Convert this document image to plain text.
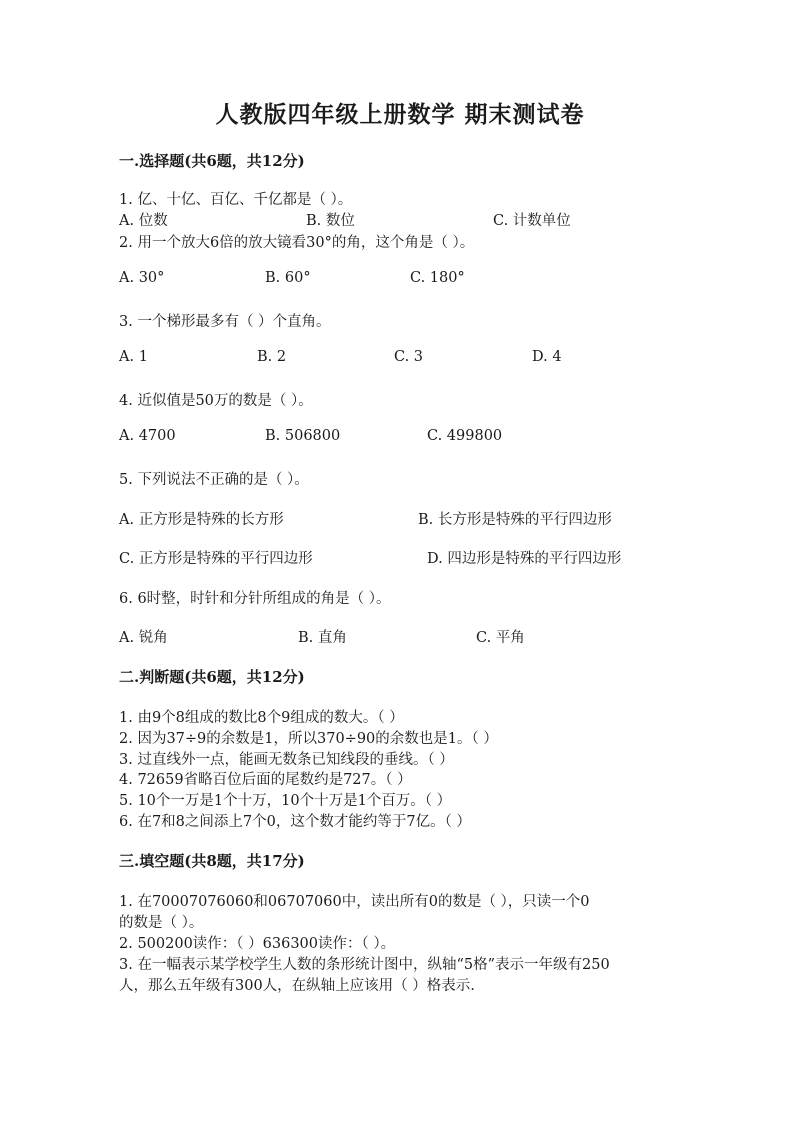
人教版四年级上册数学 期末测试卷
一.选择题(共6题，共12分)
1. 亿、十亿、百亿、千亿都是（ ）。
A. 位数	B. 数位	C. 计数单位
2. 用一个放大6倍的放大镜看30°的角，这个角是（ ）。
A. 30°	B. 60°	C. 180°
3. 一个梯形最多有（ ）个直角。
A. 1	B. 2	C. 3	D. 4
4. 近似值是50万的数是（ ）。
A. 4700	B. 506800	C. 499800
5. 下列说法不正确的是（ ）。
A. 正方形是特殊的长方形	B. 长方形是特殊的平行四边形
C. 正方形是特殊的平行四边形	D. 四边形是特殊的平行四边形
6. 6时整，时针和分针所组成的角是（ ）。
A. 锐角	B. 直角	C. 平角
二.判断题(共6题，共12分)
1. 由9个8组成的数比8个9组成的数大。（ ）
2. 因为37÷9的余数是1，所以370÷90的余数也是1。（ ）
3. 过直线外一点，能画无数条已知线段的垂线。（ ）
4. 72659省略百位后面的尾数约是727。（ ）
5. 10个一万是1个十万，10个十万是1个百万。（ ）
6. 在7和8之间添上7个0，这个数才能约等于7亿。（ ）
三.填空题(共8题，共17分)
1. 在70007076060和06707060中，读出所有0的数是（ ），只读一个0
的数是（ ）。
2. 500200读作：（ ）636300读作：（ ）。
3. 在一幅表示某学校学生人数的条形统计图中，纵轴“5格”表示一年级有250
人，那么五年级有300人，在纵轴上应该用（ ）格表示.
